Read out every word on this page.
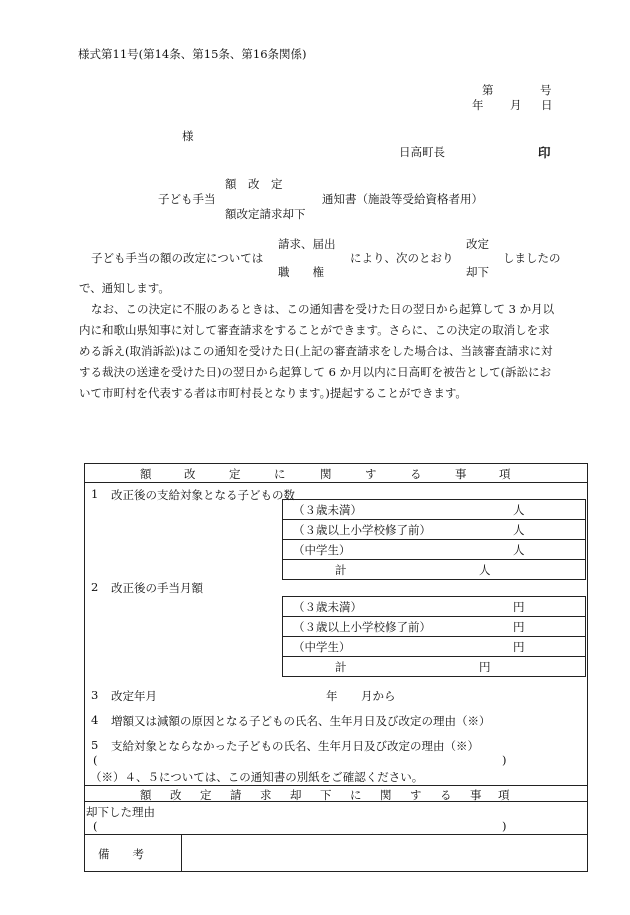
様式第11号(第14条、第15条、第16条関係)
第	号
年 月 日
様
日高町長	印
額　改　定
子ども手当
額改定請求却下
通知書（施設等受給資格者用）
請求、届出	改定
子ども手当の額の改定については	により、次のとおり	しましたの
職　　権	却下
で、通知します。
なお、この決定に不服のあるときは、この通知書を受けた日の翌日から起算して 3 か月以
内に和歌山県知事に対して審査請求をすることができます。さらに、この決定の取消しを求
める訴え(取消訴訟)はこの通知を受けた日(上記の審査請求をした場合は、当該審査請求に対
する裁決の送達を受けた日)の翌日から起算して 6 か月以内に日高町を被告として(訴訟にお
いて市町村を代表する者は市町村長となります。)提起することができます。
額	改	定	に	関	す	る	事	項
1 改正後の支給対象となる子どもの数
（３歳未満）	人
（３歳以上小学校修了前）	人
（中学生）	人
計	人
2 改正後の手当月額
（３歳未満）	円
（３歳以上小学校修了前）	円
（中学生）	円
計	円
3 改定年月	年 月から
4 増額又は減額の原因となる子どもの氏名、生年月日及び改定の理由（※）
5 支給対象とならなかった子どもの氏名、生年月日及び改定の理由（※）
(	)
（※）４、５については、この通知書の別紙をご確認ください。
額 改 定 請 求 却 下 に 関 す る 事 項
却下した理由
(	)
備　　考
